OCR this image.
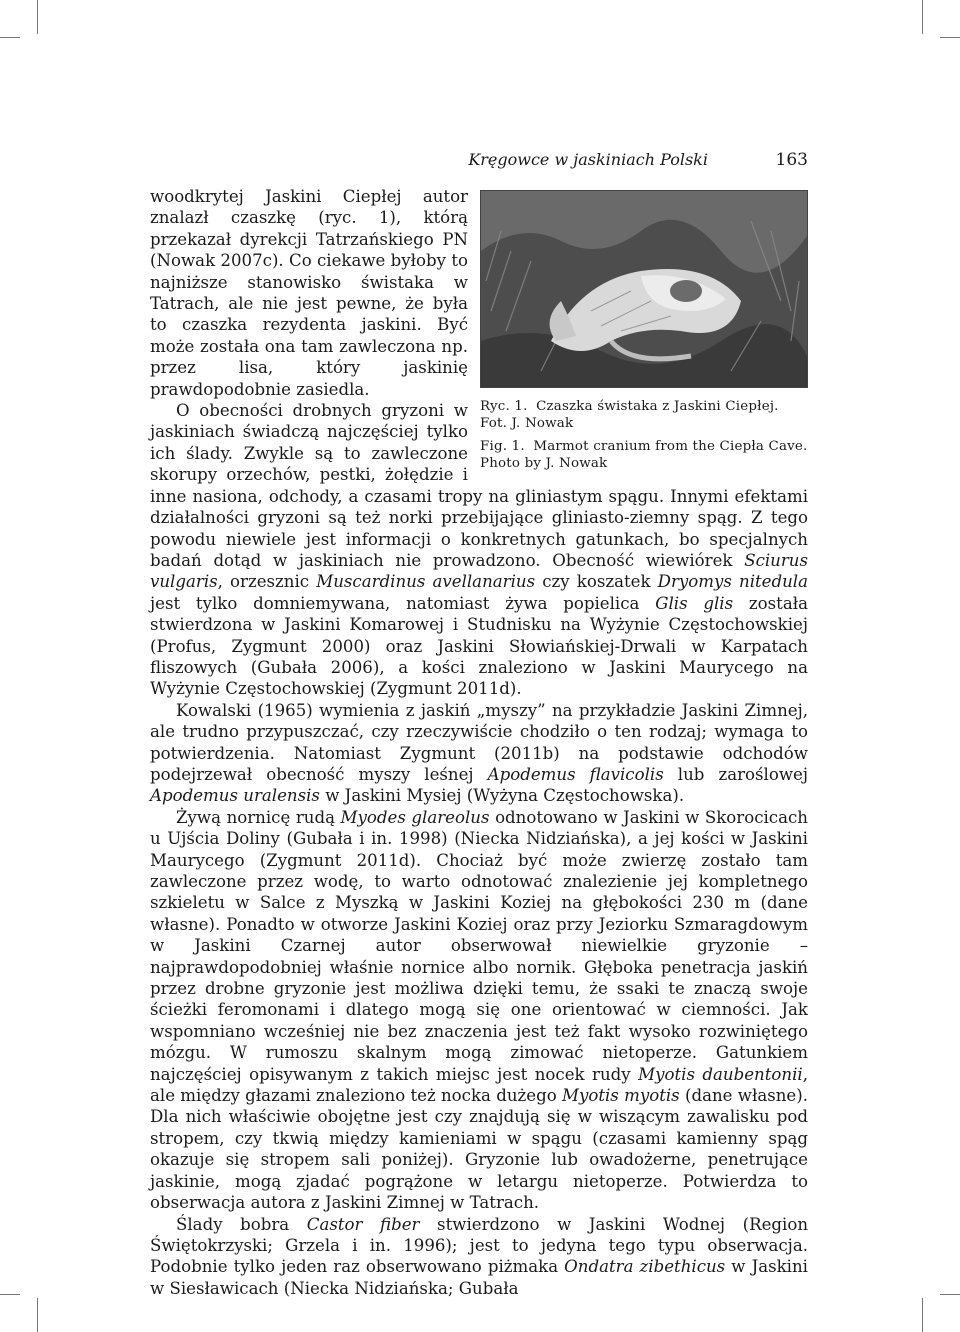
Kręgowce w jaskiniach Polski	163
Ryc. 1. Czaszka świstaka z Jaskini Ciepłej.
Fot. J. Nowak
Fig. 1. Marmot cranium from the Ciepła Cave.
Photo by J. Nowak

woodkrytej Jaskini Ciepłej autor znalazł czaszkę (ryc. 1), którą przekazał dyrekcji Tatrzańskiego PN (Nowak 2007c). Co ciekawe byłoby to najniższe stanowisko świstaka w Tatrach, ale nie jest pewne, że była to czaszka rezydenta jaskini. Być może została ona tam zawleczona np. przez lisa, który jaskinię prawdopodobnie zasiedla.

O obecności drobnych gryzoni w jaskiniach świadczą najczęściej tylko ich ślady. Zwykle są to zawleczone skorupy orzechów, pestki, żołędzie i inne nasiona, odchody, a czasami tropy na gliniastym spągu. Innymi efektami działalności gryzoni są też norki przebijające gliniasto-ziemny spąg. Z tego powodu niewiele jest informacji o konkretnych gatunkach, bo specjalnych badań dotąd w jaskiniach nie prowadzono. Obecność wiewiórek Sciurus vulgaris, orzesznic Muscardinus avellanarius czy koszatek Dryomys nitedula jest tylko domniemywana, natomiast żywa popielica Glis glis została stwierdzona w Jaskini Komarowej i Studnisku na Wyżynie Częstochowskiej (Profus, Zygmunt 2000) oraz Jaskini Słowiańskiej-Drwali w Karpatach fliszowych (Gubała 2006), a kości znaleziono w Jaskini Maurycego na Wyżynie Częstochowskiej (Zygmunt 2011d).

Kowalski (1965) wymienia z jaskiń „myszy” na przykładzie Jaskini Zimnej, ale trudno przypuszczać, czy rzeczywiście chodziło o ten rodzaj; wymaga to potwierdzenia. Natomiast Zygmunt (2011b) na podstawie odchodów podejrzewał obecność myszy leśnej Apodemus flavicolis lub zaroślowej Apodemus uralensis w Jaskini Mysiej (Wyżyna Częstochowska).

Żywą nornicę rudą Myodes glareolus odnotowano w Jaskini w Skorocicach u Ujścia Doliny (Gubała i in. 1998) (Niecka Nidziańska), a jej kości w Jaskini Maurycego (Zygmunt 2011d). Chociaż być może zwierzę zostało tam zawleczone przez wodę, to warto odnotować znalezienie jej kompletnego szkieletu w Salce z Myszką w Jaskini Koziej na głębokości 230 m (dane własne). Ponadto w otworze Jaskini Koziej oraz przy Jeziorku Szmaragdowym w Jaskini Czarnej autor obserwował niewielkie gryzonie – najprawdopodobniej właśnie nornice albo nornik. Głęboka penetracja jaskiń przez drobne gryzonie jest możliwa dzięki temu, że ssaki te znaczą swoje ścieżki feromonami i dlatego mogą się one orientować w ciemności. Jak wspomniano wcześniej nie bez znaczenia jest też fakt wysoko rozwiniętego mózgu. W rumoszu skalnym mogą zimować nietoperze. Gatunkiem najczęściej opisywanym z takich miejsc jest nocek rudy Myotis daubentonii, ale między głazami znaleziono też nocka dużego Myotis myotis (dane własne). Dla nich właściwie obojętne jest czy znajdują się w wiszącym zawalisku pod stropem, czy tkwią między kamieniami w spągu (czasami kamienny spąg okazuje się stropem sali poniżej). Gryzonie lub owadożerne, penetrujące jaskinie, mogą zjadać pogrążone w letargu nietoperze. Potwierdza to obserwacja autora z Jaskini Zimnej w Tatrach.

Ślady bobra Castor fiber stwierdzono w Jaskini Wodnej (Region Świętokrzyski; Grzela i in. 1996); jest to jedyna tego typu obserwacja. Podobnie tylko jeden raz obserwowano piżmaka Ondatra zibethicus w Jaskini w Siesławicach (Niecka Nidziańska; Gubała
